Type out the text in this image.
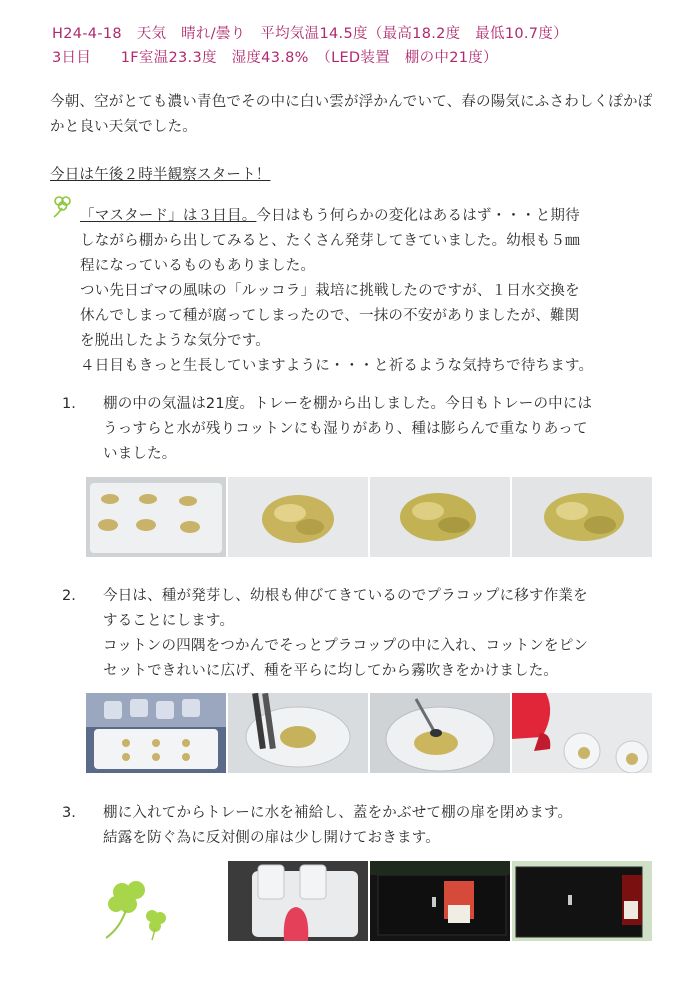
H24-4-18　天気　晴れ/曇り　平均気温14.5度（最高18.2度　最低10.7度）
3日目　　1F室温23.3度　湿度43.8%　（LED装置　棚の中21度）
今朝、空がとても濃い青色でその中に白い雲が浮かんでいて、春の陽気にふさわしくぽかぽかと良い天気でした。
今日は午後２時半観察スタート！
「マスタード」は３日目。今日はもう何らかの変化はあるはず・・・と期待
しながら棚から出してみると、たくさん発芽してきていました。幼根も５㎜
程になっているものもありました。
つい先日ゴマの風味の「ルッコラ」栽培に挑戦したのですが、１日水交換を
休んでしまって種が腐ってしまったので、一抹の不安がありましたが、難関
を脱出したような気分です。
４日目もきっと生長していますように・・・と祈るような気持ちで待ちます。
1. 棚の中の気温は21度。トレーを棚から出しました。今日もトレーの中には
うっすらと水が残りコットンにも湿りがあり、種は膨らんで重なりあって
いました。
2. 今日は、種が発芽し、幼根も伸びてきているのでプラコップに移す作業を
することにします。
コットンの四隅をつかんでそっとプラコップの中に入れ、コットンをピン
セットできれいに広げ、種を平らに均してから霧吹きをかけました。
3. 棚に入れてからトレーに水を補給し、蓋をかぶせて棚の扉を閉めます。
結露を防ぐ為に反対側の扉は少し開けておきます。
